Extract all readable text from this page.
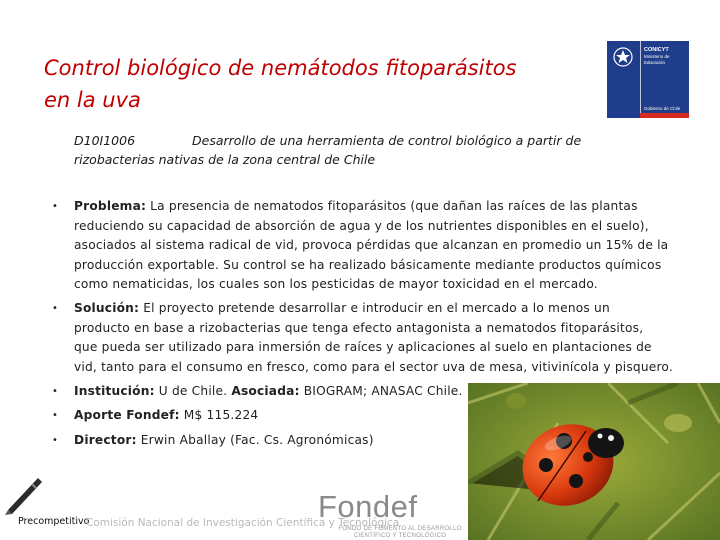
Control biológico de nemátodos fitoparásitos
en la uva
CONICYT
Ministerio de
Educación
Gobierno de Chile
D10I1006	Desarrollo de una herramienta de control biológico a partir de
rizobacterias nativas de la zona central de Chile
• Problema: La presencia de nematodos fitoparásitos (que dañan las raíces de las plantas
reduciendo su capacidad de absorción de agua y de los nutrientes disponibles en el suelo),
asociados al sistema radical de vid, provoca pérdidas que alcanzan en promedio un 15% de la
producción exportable. Su control se ha realizado básicamente mediante productos químicos
como nematicidas, los cuales son los pesticidas de mayor toxicidad en el mercado.
• Solución: El proyecto pretende desarrollar e introducir en el mercado a lo menos un
producto en base a rizobacterias que tenga efecto antagonista a nematodos fitoparásitos,
que pueda ser utilizado para inmersión de raíces y aplicaciones al suelo en plantaciones de
vid, tanto para el consumo en fresco, como para el sector uva de mesa, vitivinícola y pisquero.
• Institución: U de Chile. Asociada: BIOGRAM; ANASAC Chile.
• Aporte Fondef: M$ 115.224
• Director: Erwin Aballay (Fac. Cs. Agronómicas)
Precompetitivo
Comisión Nacional de Investigación Científica y Tecnológica
Fondef
FONDO DE FOMENTO AL DESARROLLO
CIENTÍFICO Y TECNOLÓGICO
